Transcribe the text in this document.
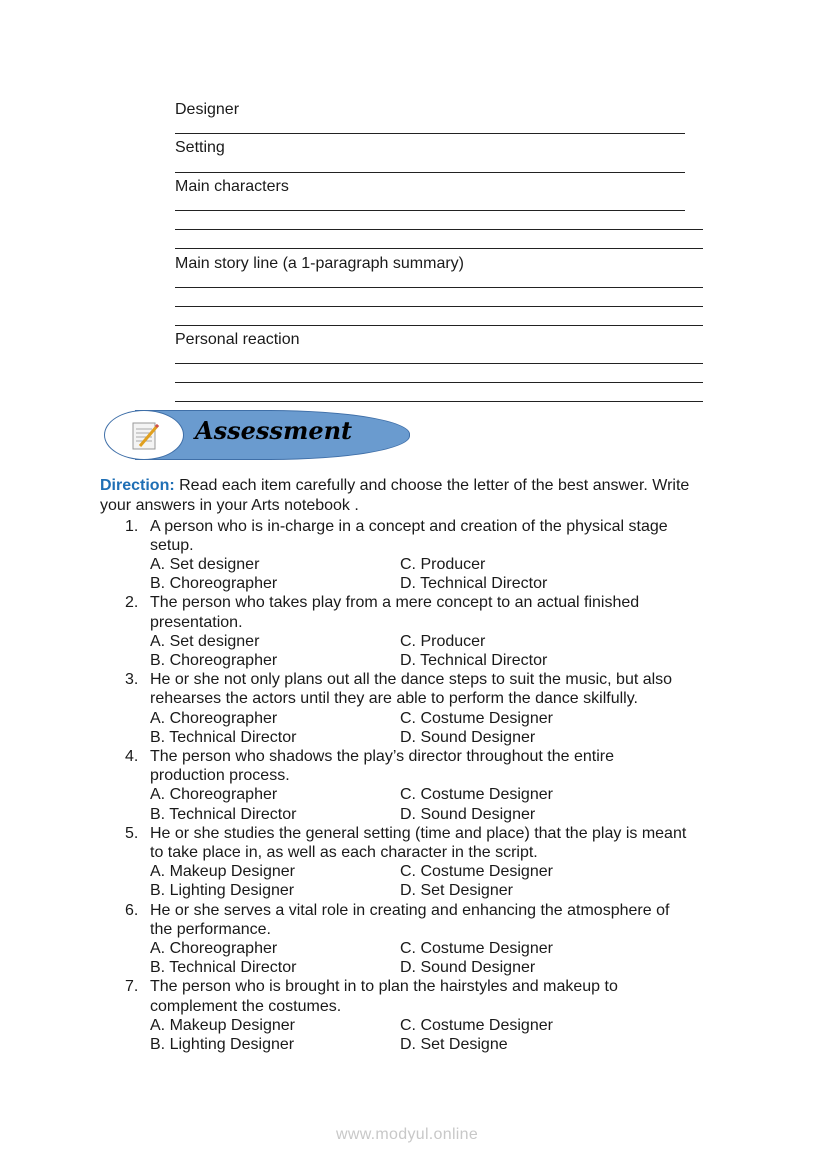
Designer
Setting
Main characters
Main story line (a 1-paragraph summary)
Personal reaction
Assessment
Direction: Read each item carefully and choose the letter of the best answer. Write
your answers in your Arts notebook .
1. A person who is in-charge in a concept and creation of the physical stage
setup.
A. Set designer	C. Producer
B. Choreographer	D. Technical Director
2. The person who takes play from a mere concept to an actual finished
presentation.
A. Set designer	C. Producer
B. Choreographer	D. Technical Director
3. He or she not only plans out all the dance steps to suit the music, but also
rehearses the actors until they are able to perform the dance skilfully.
A. Choreographer	C. Costume Designer
B. Technical Director	D. Sound Designer
4. The person who shadows the play’s director throughout the entire
production process.
A. Choreographer	C. Costume Designer
B. Technical Director	D. Sound Designer
5. He or she studies the general setting (time and place) that the play is meant
to take place in, as well as each character in the script.
A. Makeup Designer	C. Costume Designer
B. Lighting Designer	D. Set Designer
6. He or she serves a vital role in creating and enhancing the atmosphere of
the performance.
A. Choreographer	C. Costume Designer
B. Technical Director	D. Sound Designer
7. The person who is brought in to plan the hairstyles and makeup to
complement the costumes.
A. Makeup Designer	C. Costume Designer
B. Lighting Designer	D. Set Designe
www.modyul.online
